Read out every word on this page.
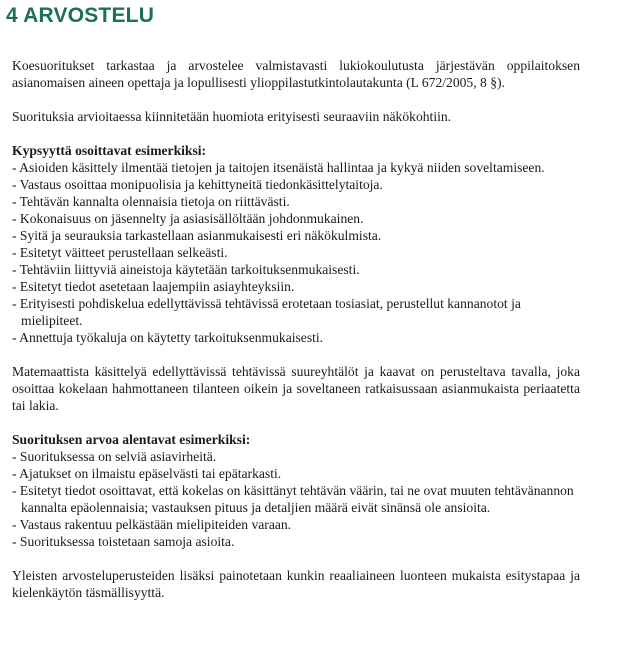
4 ARVOSTELU

Koesuoritukset tarkastaa ja arvostelee valmistavasti lukiokoulutusta järjestävän oppilaitoksen asianomaisen aineen opettaja ja lopullisesti ylioppilastutkintolautakunta (L 672/2005, 8 §).

Suorituksia arvioitaessa kiinnitetään huomiota erityisesti seuraaviin näkökohtiin.

Kypsyyttä osoittavat esimerkiksi:

- Asioiden käsittely ilmentää tietojen ja taitojen itsenäistä hallintaa ja kykyä niiden soveltamiseen.
- Vastaus osoittaa monipuolisia ja kehittyneitä tiedonkäsittelytaitoja.
- Tehtävän kannalta olennaisia tietoja on riittävästi.
- Kokonaisuus on jäsennelty ja asiasisällöltään johdonmukainen.
- Syitä ja seurauksia tarkastellaan asianmukaisesti eri näkökulmista.
- Esitetyt väitteet perustellaan selkeästi.
- Tehtäviin liittyviä aineistoja käytetään tarkoituksenmukaisesti.
- Esitetyt tiedot asetetaan laajempiin asiayhteyksiin.
- Erityisesti pohdiskelua edellyttävissä tehtävissä erotetaan tosiasiat, perustellut kannanotot ja mielipiteet.
- Annettuja työkaluja on käytetty tarkoituksenmukaisesti.

Matemaattista käsittelyä edellyttävissä tehtävissä suureyhtälöt ja kaavat on perusteltava tavalla, joka osoittaa kokelaan hahmottaneen tilanteen oikein ja soveltaneen ratkaisussaan asianmukaista periaatetta tai lakia.

Suorituksen arvoa alentavat esimerkiksi:

- Suorituksessa on selviä asiavirheitä.
- Ajatukset on ilmaistu epäselvästi tai epätarkasti.
- Esitetyt tiedot osoittavat, että kokelas on käsittänyt tehtävän väärin, tai ne ovat muuten tehtävänannon kannalta epäolennaisia; vastauksen pituus ja detaljien määrä eivät sinänsä ole ansioita.
- Vastaus rakentuu pelkästään mielipiteiden varaan.
- Suorituksessa toistetaan samoja asioita.

Yleisten arvosteluperusteiden lisäksi painotetaan kunkin reaaliaineen luonteen mukaista esitystapaa ja kielenkäytön täsmällisyyttä.
